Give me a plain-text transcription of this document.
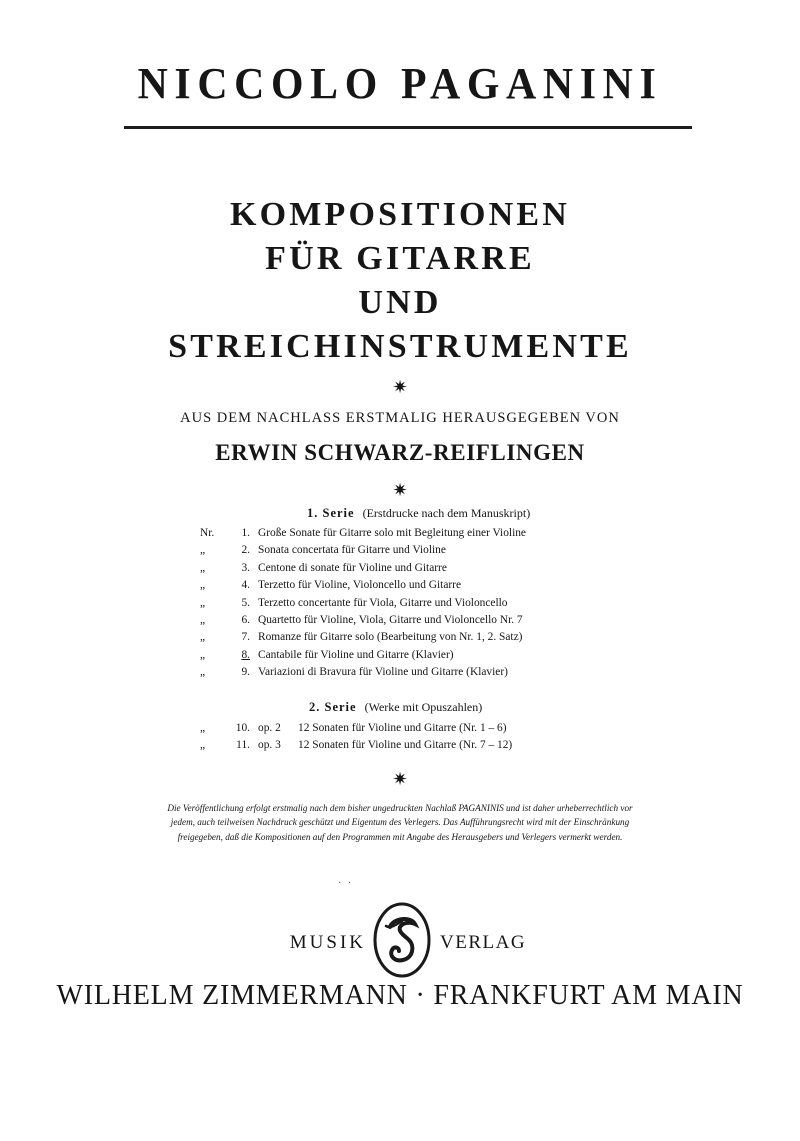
NICCOLO PAGANINI
KOMPOSITIONEN
FÜR GITARRE
UND
STREICHINSTRUMENTE
✷
AUS DEM NACHLASS ERSTMALIG HERAUSGEGEBEN VON
ERWIN SCHWARZ-REIFLINGEN
✷
1. Serie (Erstdrucke nach dem Manuskript)
Nr.	1. Große Sonate für Gitarre solo mit Begleitung einer Violine
„	2. Sonata concertata für Gitarre und Violine
„	3. Centone di sonate für Violine und Gitarre
„	4. Terzetto für Violine, Violoncello und Gitarre
„	5. Terzetto concertante für Viola, Gitarre und Violoncello
„	6. Quartetto für Violine, Viola, Gitarre und Violoncello Nr. 7
„	7. Romanze für Gitarre solo (Bearbeitung von Nr. 1, 2. Satz)
„	8. Cantabile für Violine und Gitarre (Klavier)
„	9. Variazioni di Bravura für Violine und Gitarre (Klavier)
2. Serie (Werke mit Opuszahlen)
„	10. op. 2	12 Sonaten für Violine und Gitarre (Nr. 1 – 6)
„	11. op. 3	12 Sonaten für Violine und Gitarre (Nr. 7 – 12)
✷
Die Veröffentlichung erfolgt erstmalig nach dem bisher ungedruckten Nachlaß PAGANINIS und ist daher urheberrechtlich vor
jedem, auch teilweisen Nachdruck geschützt und Eigentum des Verlegers. Das Aufführungsrecht wird mit der Einschränkung
freigegeben, daß die Kompositionen auf den Programmen mit Angabe des Herausgebers und Verlegers vermerkt werden.
· ·
MUSIK	VERLAG
WILHELM ZIMMERMANN · FRANKFURT AM MAIN
